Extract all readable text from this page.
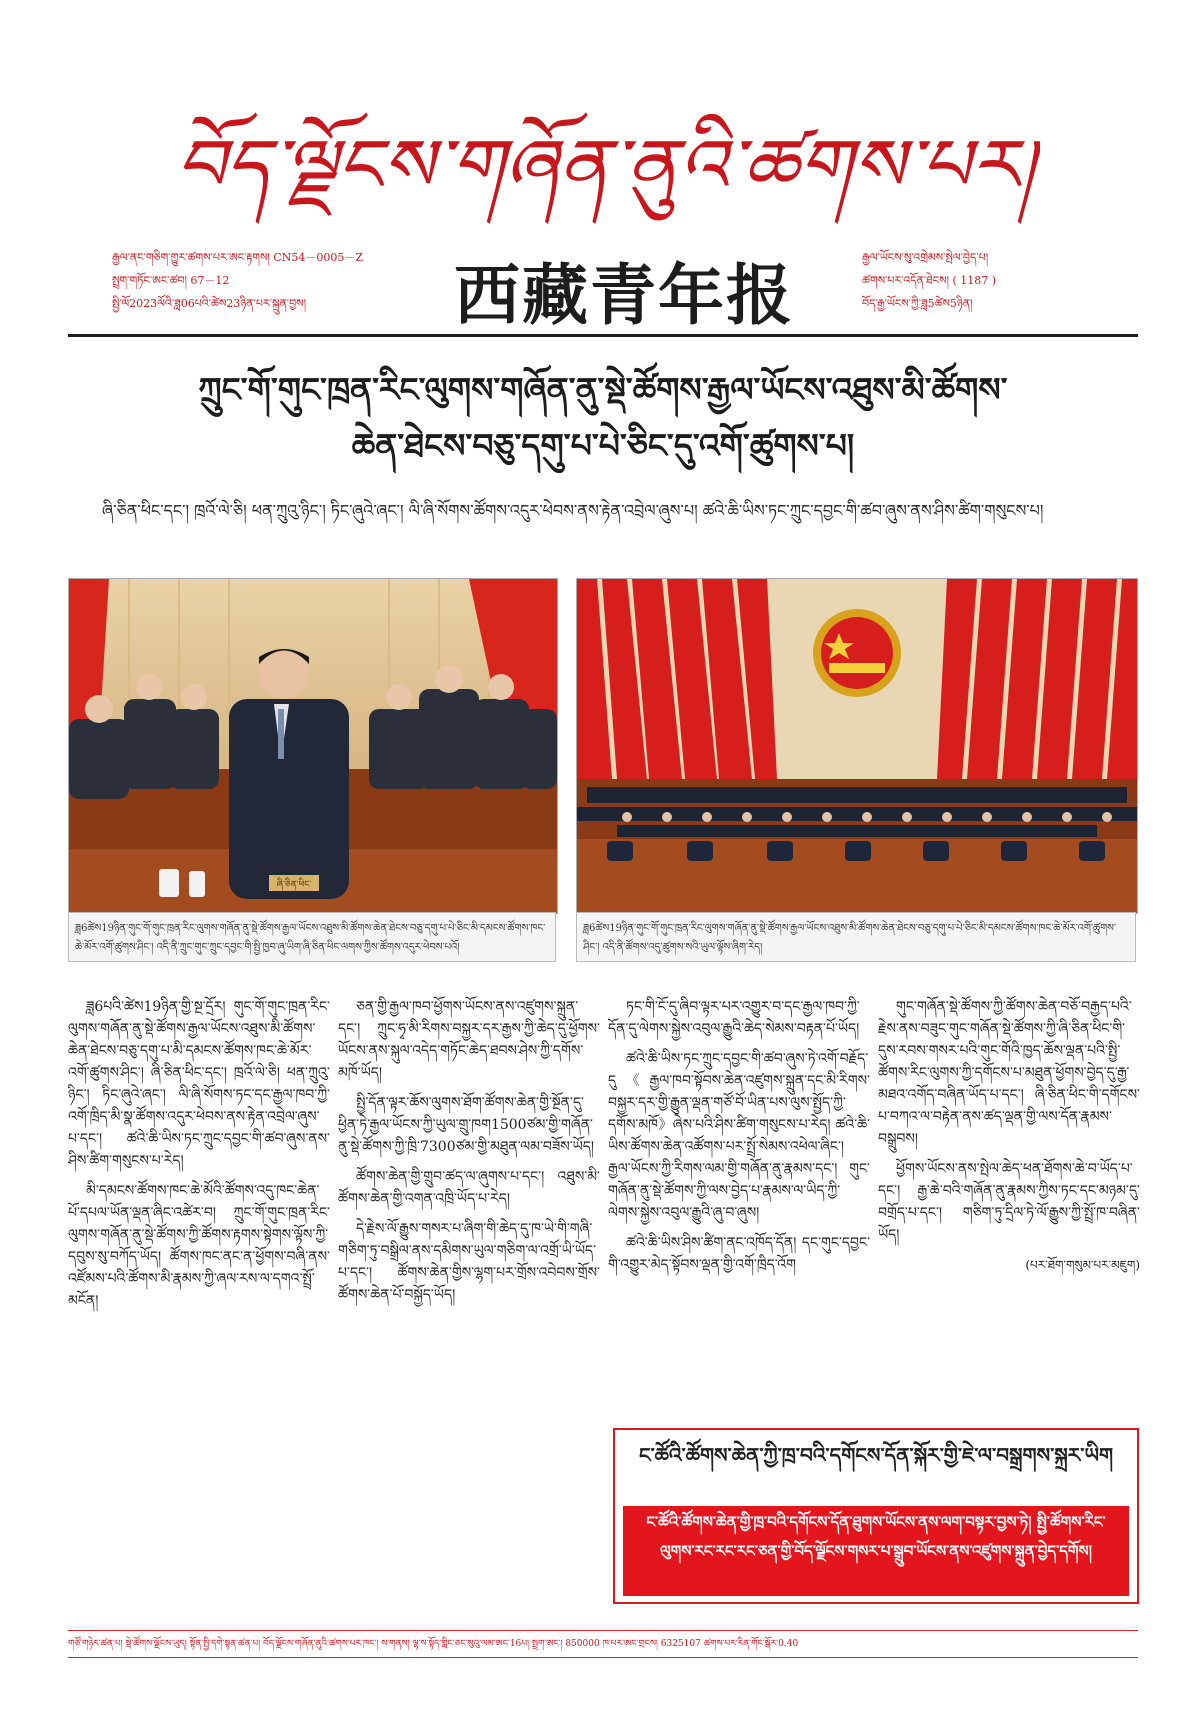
བོད་ལྗོངས་གཞོན་ནུའི་ཚགས་པར།
རྒྱལ་ནང་གཅིག་གྱུར་ཚགས་པར་ཨང་རྟགས། CN54－0005－Z
སྤྲག་གཏོང་ཨང་ཚབ། 67－12
སྤྱི་ལོ2023ལོའི་ཟླ06པའི་ཚེས23ཉིན་པར་སྐྲུན་བྱས།	西藏青年报	རྒྱལ་ཡོངས་སུ་འགྲེམས་སྤེལ་བྱེད་པ།
ཚགས་པར་འདོན་ཐེངས། ( 1187 )
བོད་རྒྱ་ཡོངས་ཀྱི་ཟླ5ཚེས5ཉིན།
ཀྲུང་གོ་གུང་ཁྲན་རིང་ལུགས་གཞོན་ནུ་སྡེ་ཚོགས་རྒྱལ་ཡོངས་འཐུས་མི་ཚོགས་
ཆེན་ཐེངས་བཅུ་དགུ་པ་པེ་ཅིང་དུ་འགོ་ཚུགས་པ།
ཞི་ཅིན་ཕིང་དང་། ཁྲའོ་ལེ་ཅི། ཕན་ཀྲུའུ་ཉིང་། ཏིང་ཞུའེ་ཞང་། ལི་ཞི་སོགས་ཚོགས་འདུར་ཕེབས་ནས་རྟེན་འབྲེལ་ཞུས་པ། ཚའེ་ཆི་ཡིས་ཏང་ཀྲུང་དབྱང་གི་ཚབ་ཞུས་ནས་ཤིས་ཚིག་གསུངས་པ།
ཞི་ཅིན་ཕིང་
ཟླ6ཚེས19ཉིན་གུང་གོ་གུང་ཁྲན་རིང་ལུགས་གཞོན་ནུ་སྡེ་ཚོགས་རྒྱལ་ཡོངས་འཐུས་མི་ཚོགས་ཆེན་ཐེངས་བཅུ་དགུ་པ་པེ་ཅིང་མི་དམངས་ཚོགས་ཁང་ཆེ་མོར་འགོ་ཚུགས་ཤིང་། འདི་ནི་ཀྲུང་གུང་ཀྲུང་དབྱང་གི་སྤྱི་ཁྱབ་ཞུ་ཡིག་ཞི་ཅིན་ཕིང་ལགས་ཀྱིས་ཚོགས་འདུར་ཕེབས་པའོ།
ཟླ6ཚེས19ཉིན་གུང་གོ་གུང་ཁྲན་རིང་ལུགས་གཞོན་ནུ་སྡེ་ཚོགས་རྒྱལ་ཡོངས་འཐུས་མི་ཚོགས་ཆེན་ཐེངས་བཅུ་དགུ་པ་པེ་ཅིང་མི་དམངས་ཚོགས་ཁང་ཆེ་མོར་འགོ་ཚུགས་ཤིང་། འདི་ནི་ཚོགས་འདུ་ཚུགས་སའི་ཡུལ་ལྟོས་ཞིག་རེད།

ཟླ6པའི་ཚེས19ཉིན་གྱི་སྔ་དྲོར། གུང་གོ་གུང་ཁྲན་རིང་ལུགས་གཞོན་ནུ་སྡེ་ཚོགས་རྒྱལ་ཡོངས་འཐུས་མི་ཚོགས་ཆེན་ཐེངས་བཅུ་དགུ་པ་མི་དམངས་ཚོགས་ཁང་ཆེ་མོར་འགོ་ཚུགས་ཤིང་། ཞི་ཅིན་ཕིང་དང་། ཁྲའོ་ལེ་ཅི། ཕན་ཀྲུའུ་ཉིང་། ཏིང་ཞུའེ་ཞང་། ལི་ཞི་སོགས་ཏང་དང་རྒྱལ་ཁབ་ཀྱི་འགོ་ཁྲིད་མི་སྣ་ཚོགས་འདུར་ཕེབས་ནས་རྟེན་འབྲེལ་ཞུས་པ་དང་། ཚའེ་ཆི་ཡིས་ཏང་ཀྲུང་དབྱང་གི་ཚབ་ཞུས་ནས་ཤིས་ཚིག་གསུངས་པ་རེད།

མི་དམངས་ཚོགས་ཁང་ཆེ་མོའི་ཚོགས་འདུ་ཁང་ཆེན་པོ་དཔལ་ཡོན་ལྡན་ཞིང་འཚེར་བ། ཀྲུང་གོ་གུང་ཁྲན་རིང་ལུགས་གཞོན་ནུ་སྡེ་ཚོགས་ཀྱི་ཚོགས་རྟགས་སྟེགས་ལྟོས་ཀྱི་དབུས་སུ་བཀོད་ཡོད། ཚོགས་ཁང་ནང་ན་ཕྱོགས་བཞི་ནས་འཛོམས་པའི་ཚོགས་མི་རྣམས་ཀྱི་ཞལ་རས་ལ་དགའ་སྤྲོ་མངོན།

ཅན་གྱི་རྒྱལ་ཁབ་ཕྱོགས་ཡོངས་ནས་འཛུགས་སྐྲུན་དང་། ཀྲུང་ཧྭ་མི་རིགས་བསྐྱར་དར་རྒྱས་ཀྱི་ཆེད་དུ་ཕྱོགས་ཡོངས་ནས་སྐུལ་འདེད་གཏོང་ཆེད་ཐབས་ཤེས་ཀྱི་དགོས་མཁོ་ཡོད།

སྤྱི་དོན་ལྟར་ཆོས་ལུགས་ཐོག་ཚོགས་ཆེན་གྱི་སྔོན་དུ་ཕྱིན་ཏེ་རྒྱལ་ཡོངས་ཀྱི་ཡུལ་གྲུ་ཁག1500ཙམ་གྱི་གཞོན་ནུ་སྡེ་ཚོགས་ཀྱི་ཁྲི་7300ཙམ་གྱི་མཐུན་ལམ་བཟོས་ཡོད།

ཚོགས་ཆེན་གྱི་གྲུབ་ཚད་ལ་ཞུགས་པ་དང་། འཐུས་མི་ཚོགས་ཆེན་གྱི་འགན་འཁྲི་ཡོད་པ་རེད།

དེ་རྗེས་ལོ་རྒྱུས་གསར་པ་ཞིག་གི་ཆེད་དུ་ཁ་ཡེ་གི་གཞི་གཅིག་ཏུ་བསྒྲིལ་ནས་དམིགས་ཡུལ་གཅིག་ལ་འགྲོ་ཡི་ཡོད་པ་དང་། ཚོགས་ཆེན་གྱིས་ལྷག་པར་གྲོས་འབེབས་གྲོས་ཚོགས་ཆེན་པོ་བསྐྱོད་ཡོད།

ཏང་གི་ངོ་དུ་ཞིབ་ལྟར་པར་འགྱུར་བ་དང་རྒྱལ་ཁབ་ཀྱི་དོན་དུ་ལེགས་སྐྱེས་འབུལ་རྒྱུའི་ཆེད་སེམས་བརྟན་པོ་ཡོད།

ཚའེ་ཆི་ཡིས་ཏང་ཀྲུང་དབྱང་གི་ཚབ་ཞུས་ཏེ་འགོ་བརྗོད་དུ《རྒྱལ་ཁབ་སྟོབས་ཆེན་འཛུགས་སྐྲུན་དང་མི་རིགས་བསྐྱར་དར་གྱི་རྒྱུན་ལྡན་གཙོ་བོ་ཡིན་པས་ལུས་སྤྱོད་ཀྱི་དགོས་མཁོ》ཞེས་པའི་ཤིས་ཚིག་གསུངས་པ་རེད། ཚའེ་ཆི་ཡིས་ཚོགས་ཆེན་འཚོགས་པར་སྤྲོ་སེམས་འཕེལ་ཞིང་། རྒྱལ་ཡོངས་ཀྱི་རིགས་ལམ་གྱི་གཞོན་ནུ་རྣམས་དང་། གུང་གཞོན་ནུ་སྡེ་ཚོགས་ཀྱི་ལས་བྱེད་པ་རྣམས་ལ་ཡིད་ཀྱི་ལེགས་སྐྱེས་འབུལ་རྒྱུའི་ཞུ་བ་ཞུས།

ཚའེ་ཆི་ཡིས་ཤིས་ཚིག་ནང་འཁོད་དོན། དང་གུང་དབྱང་གི་འགྱུར་མེད་སྟོབས་ལྡན་གྱི་འགོ་ཁྲིད་འོག

གུང་གཞོན་སྡེ་ཚོགས་ཀྱི་ཚོགས་ཆེན་བཅོ་བརྒྱད་པའི་རྗེས་ནས་བཟུང་གུང་གཞོན་སྡེ་ཚོགས་ཀྱི་ཞི་ཅིན་ཕིང་གི་དུས་རབས་གསར་པའི་གུང་གོའི་ཁྱད་ཆོས་ལྡན་པའི་སྤྱི་ཚོགས་རིང་ལུགས་ཀྱི་དགོངས་པ་མཐུན་ཕྱོགས་བྱེད་དུ་རྒྱ་མཐའ་འགོད་བཞིན་ཡོད་པ་དང་། ཞི་ཅིན་ཕིང་གི་དགོངས་པ་བཀའ་ལ་བརྟེན་ནས་ཚད་ལྡན་གྱི་ལས་དོན་རྣམས་བསྒྲུབས།

ཕྱོགས་ཡོངས་ནས་སྤེལ་ཆེད་ཕན་ཐོགས་ཆེ་བ་ཡོད་པ་དང་། རྒྱ་ཆེ་བའི་གཞོན་ནུ་རྣམས་ཀྱིས་ཏང་དང་མཉམ་དུ་བགྲོད་པ་དང་། གཅིག་ཏུ་དྲིལ་ཏེ་ལོ་རྒྱུས་ཀྱི་སྤྲོ་ཁ་བཞིན་ཡོད།

(པར་ཐོག་གསུམ་པར་མཇུག)
ང་ཚོའི་ཚོགས་ཆེན་ཀྱི་ཁྲ་བའི་དགོངས་དོན་སྐོར་གྱི་ཇེ་ལ་བསྒྲགས་སྐྲར་ཡིག
ང་ཚོའི་ཚོགས་ཆེན་གྱི་ཁྲ་བའི་དགོངས་དོན་ཐུགས་ཡོངས་ནས་ལག་བསྟར་བྱས་ཏེ། སྤྱི་ཚོགས་རིང་ལུགས་རང་རང་རང་ཅན་གྱི་བོད་ལྗོངས་གསར་པ་སྒྲུབ་ཡོངས་ནས་འཛུགས་སྐྲུན་བྱེད་དགོས།
གཙོ་གཉེར་ཚན་པ། སྡེ་ཚོགས་ལྗོངས་ཡུད། སྟོན་སྤྱི་དགེ་སྟན་ཚན་པ། བོད་ལྗོངས་གཞོན་ནུའི་ཚགས་པར་ཁང་། ས་གནས། ལྷ་ས་སྟོད་གླིང་ཅང་སུའུ་ལམ་ཨང་16པ། སྤྲག་ཨང་། 850000 ཁ་པར་ཨང་གྲངས། 6325107 ཚགས་པར་རིན་གོང་སྒོར་0.40
